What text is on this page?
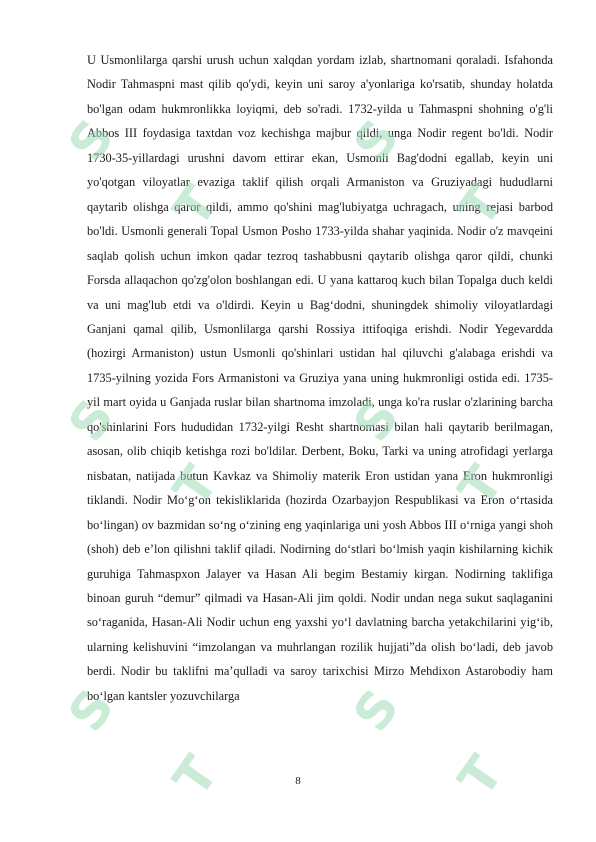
U Usmonlilarga qarshi urush uchun xalqdan yordam izlab, shartnomani qoraladi. Isfahonda Nodir Tahmaspni mast qilib qo'ydi, keyin uni saroy a'yonlariga ko'rsatib, shunday holatda bo'lgan odam hukmronlikka loyiqmi, deb so'radi. 1732-yilda u Tahmaspni shohning o'g'li Abbos III foydasiga taxtdan voz kechishga majbur qildi, unga Nodir regent bo'ldi. Nodir 1730-35-yillardagi urushni davom ettirar ekan, Usmonli Bag'dodni egallab, keyin uni yo'qotgan viloyatlar evaziga taklif qilish orqali Armaniston va Gruziyadagi hududlarni qaytarib olishga qaror qildi, ammo qo'shini mag'lubiyatga uchragach, uning rejasi barbod bo'ldi. Usmonli generali Topal Usmon Posho 1733-yilda shahar yaqinida. Nodir o'z mavqeini saqlab qolish uchun imkon qadar tezroq tashabbusni qaytarib olishga qaror qildi, chunki Forsda allaqachon qo'zg'olon boshlangan edi. U yana kattaroq kuch bilan Topalga duch keldi va uni mag'lub etdi va o'ldirdi. Keyin u Bag‘dodni, shuningdek shimoliy viloyatlardagi Ganjani qamal qilib, Usmonlilarga qarshi Rossiya ittifoqiga erishdi. Nodir Yegevardda (hozirgi Armaniston) ustun Usmonli qo'shinlari ustidan hal qiluvchi g'alabaga erishdi va 1735-yilning yozida Fors Armanistoni va Gruziya yana uning hukmronligi ostida edi. 1735-yil mart oyida u Ganjada ruslar bilan shartnoma imzoladi, unga ko'ra ruslar o'zlarining barcha qo'shinlarini Fors hududidan 1732-yilgi Resht shartnomasi bilan hali qaytarib berilmagan, asosan, olib chiqib ketishga rozi bo'ldilar. Derbent, Boku, Tarki va uning atrofidagi yerlarga nisbatan, natijada butun Kavkaz va Shimoliy materik Eron ustidan yana Eron hukmronligi tiklandi. Nodir Mo‘g‘on tekisliklarida (hozirda Ozarbayjon Respublikasi va Eron o‘rtasida bo‘lingan) ov bazmidan so‘ng o‘zining eng yaqinlariga uni yosh Abbos III o‘rniga yangi shoh (shoh) deb e’lon qilishni taklif qiladi. Nodirning do‘stlari bo‘lmish yaqin kishilarning kichik guruhiga Tahmaspxon Jalayer va Hasan Ali begim Bestamiy kirgan. Nodirning taklifiga binoan guruh “demur” qilmadi va Hasan-Ali jim qoldi. Nodir undan nega sukut saqlaganini so‘raganida, Hasan-Ali Nodir uchun eng yaxshi yo‘l davlatning barcha yetakchilarini yig‘ib, ularning kelishuvini “imzolangan va muhrlangan rozilik hujjati”da olish bo‘ladi, deb javob berdi. Nodir bu taklifni ma’qulladi va saroy tarixchisi Mirzo Mehdixon Astarobodiy ham bo‘lgan kantsler yozuvchilarga

S
T
S
T
S
T
S
T
S
T
S
T
8
